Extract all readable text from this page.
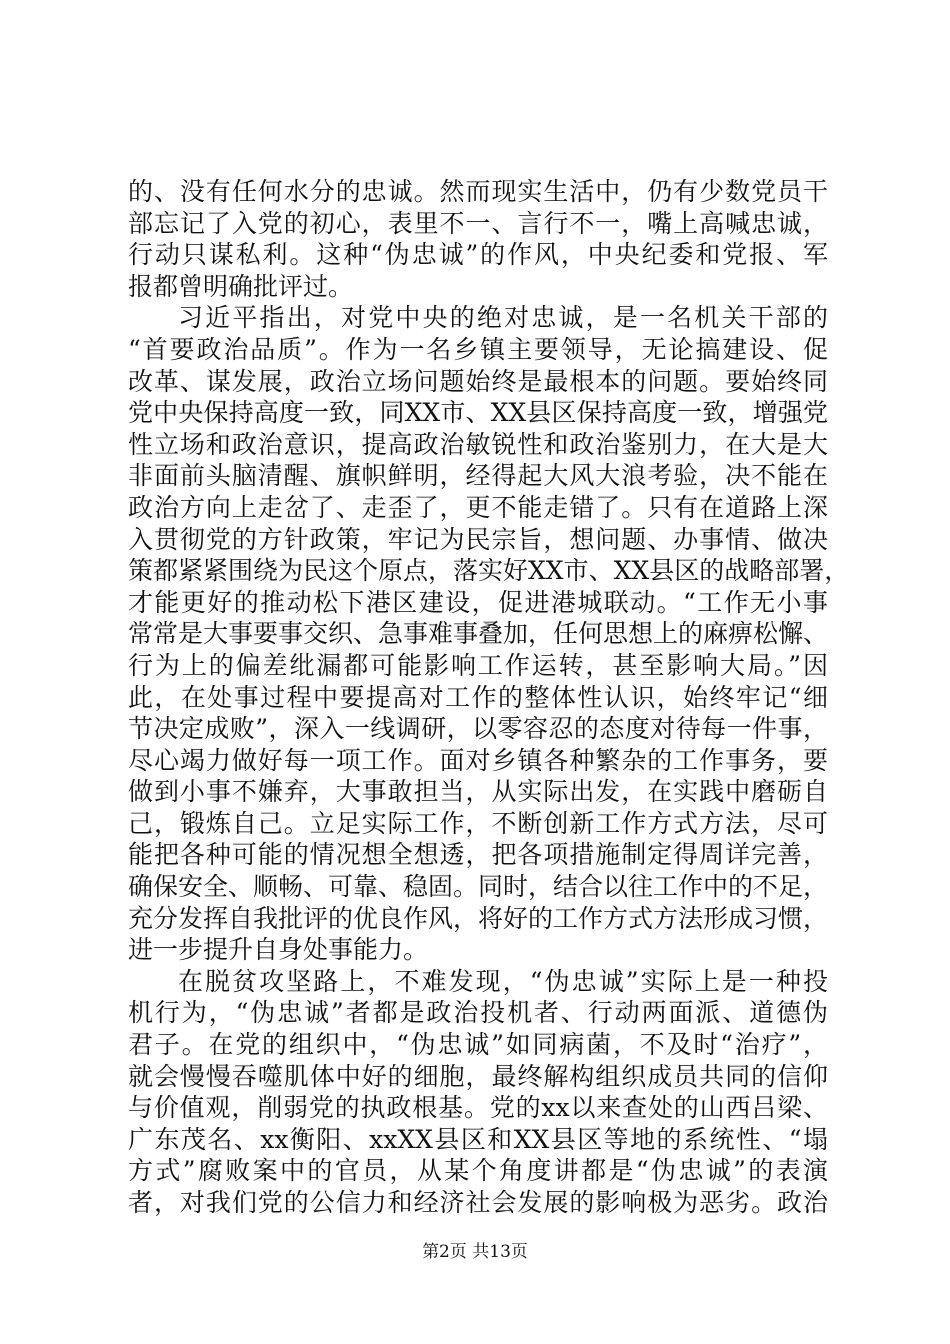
的、没有任何水分的忠诚。然而现实生活中，仍有少数党员干
部忘记了入党的初心，表里不一、言行不一，嘴上高喊忠诚，
行动只谋私利。这种“伪忠诚”的作风，中央纪委和党报、军
报都曾明确批评过。
习近平指出，对党中央的绝对忠诚，是一名机关干部的
“首要政治品质”。作为一名乡镇主要领导，无论搞建设、促
改革、谋发展，政治立场问题始终是最根本的问题。要始终同
党中央保持高度一致，同XX市、XX县区保持高度一致，增强党
性立场和政治意识，提高政治敏锐性和政治鉴别力，在大是大
非面前头脑清醒、旗帜鲜明，经得起大风大浪考验，决不能在
政治方向上走岔了、走歪了，更不能走错了。只有在道路上深
入贯彻党的方针政策，牢记为民宗旨，想问题、办事情、做决
策都紧紧围绕为民这个原点，落实好XX市、XX县区的战略部署，
才能更好的推动松下港区建设，促进港城联动。“工作无小事
常常是大事要事交织、急事难事叠加，任何思想上的麻痹松懈、
行为上的偏差纰漏都可能影响工作运转，甚至影响大局。”因
此，在处事过程中要提高对工作的整体性认识，始终牢记“细
节决定成败”，深入一线调研，以零容忍的态度对待每一件事，
尽心竭力做好每一项工作。面对乡镇各种繁杂的工作事务，要
做到小事不嫌弃，大事敢担当，从实际出发，在实践中磨砺自
己，锻炼自己。立足实际工作，不断创新工作方式方法，尽可
能把各种可能的情况想全想透，把各项措施制定得周详完善，
确保安全、顺畅、可靠、稳固。同时，结合以往工作中的不足，
充分发挥自我批评的优良作风，将好的工作方式方法形成习惯，
进一步提升自身处事能力。
在脱贫攻坚路上，不难发现，“伪忠诚”实际上是一种投
机行为，“伪忠诚”者都是政治投机者、行动两面派、道德伪
君子。在党的组织中，“伪忠诚”如同病菌，不及时“治疗”，
就会慢慢吞噬肌体中好的细胞，最终解构组织成员共同的信仰
与价值观，削弱党的执政根基。党的xx以来查处的山西吕梁、
广东茂名、xx衡阳、xxXX县区和XX县区等地的系统性、“塌
方式”腐败案中的官员，从某个角度讲都是“伪忠诚”的表演
者，对我们党的公信力和经济社会发展的影响极为恶劣。政治
第2页 共13页
